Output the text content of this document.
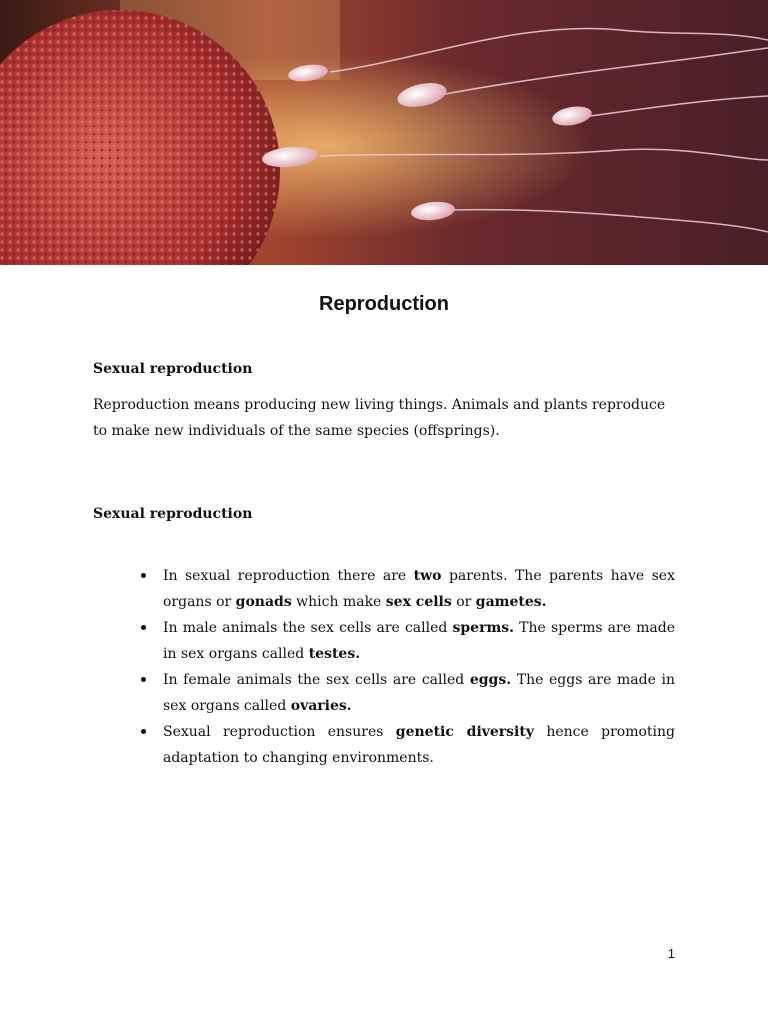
Reproduction
Sexual reproduction

Reproduction means producing new living things. Animals and plants reproduce to make new individuals of the same species (offsprings).

Sexual reproduction
In sexual reproduction there are two parents. The parents have sex organs or gonads which make sex cells or gametes.
In male animals the sex cells are called sperms. The sperms are made in sex organs called testes.
In female animals the sex cells are called eggs. The eggs are made in sex organs called ovaries.
Sexual reproduction ensures genetic diversity hence promoting adaptation to changing environments.
1
